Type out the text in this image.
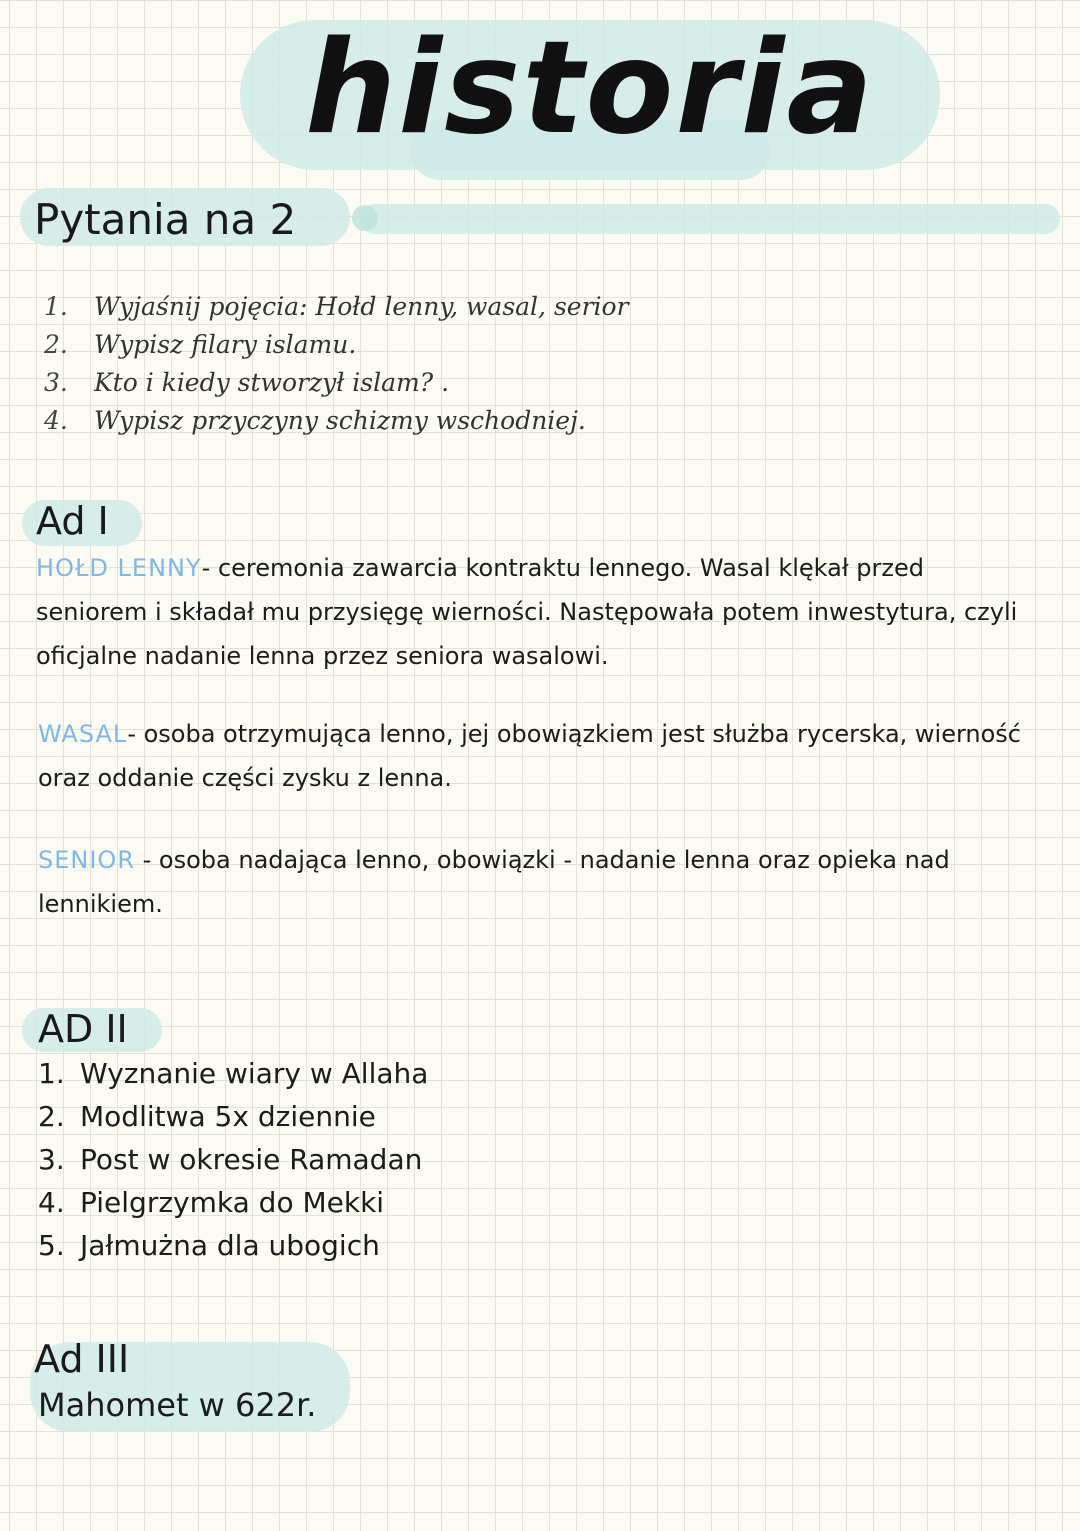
historia
Pytania na 2
1. Wyjaśnij pojęcia: Hołd lenny, wasal, serior
2. Wypisz filary islamu.
3. Kto i kiedy stworzył islam? .
4. Wypisz przyczyny schizmy wschodniej.
Ad I

HOŁD LENNY- ceremonia zawarcia kontraktu lennego. Wasal klękał przed seniorem i składał mu przysięgę wierności. Następowała potem inwestytura, czyli oficjalne nadanie lenna przez seniora wasalowi.

WASAL- osoba otrzymująca lenno, jej obowiązkiem jest służba rycerska, wierność oraz oddanie części zysku z lenna.

SENIOR - osoba nadająca lenno, obowiązki - nadanie lenna oraz opieka nad lennikiem.

AD II
1. Wyznanie wiary w Allaha
2. Modlitwa 5x dziennie
3. Post w okresie Ramadan
4. Pielgrzymka do Mekki
5. Jałmużna dla ubogich
Ad III
Mahomet w 622r.
